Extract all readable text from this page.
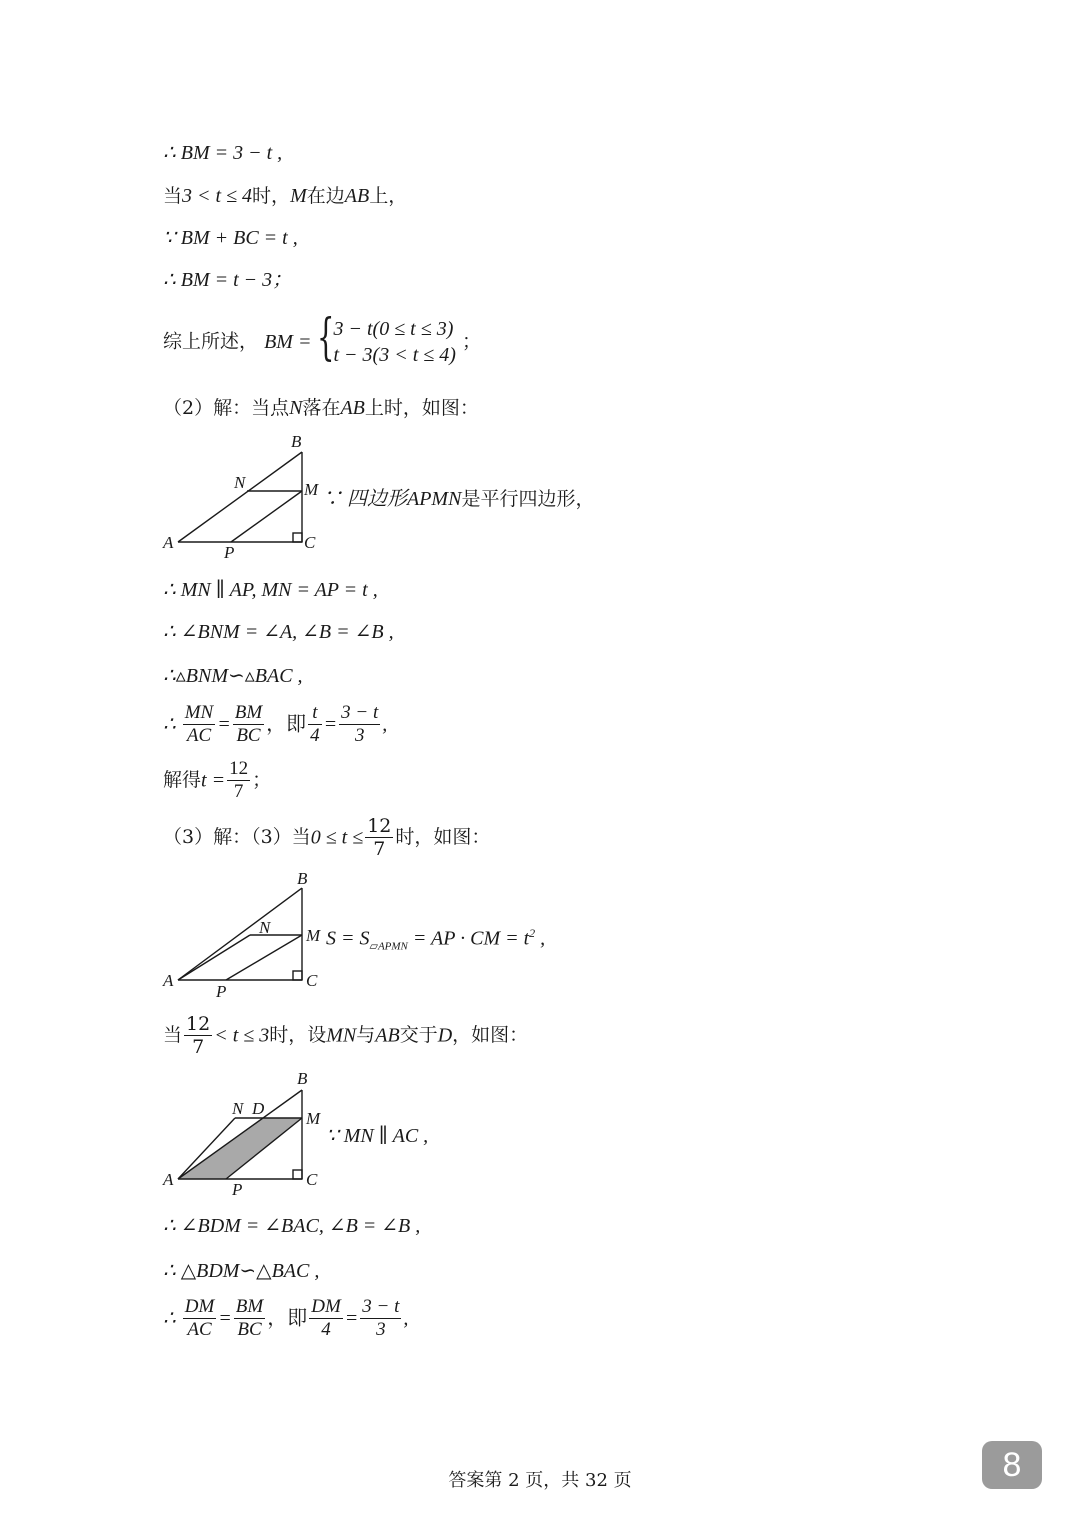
∴ BM = 3 − t ,
当3 < t ≤ 4时，M在边AB上，
∵ BM + BC = t ,
∴ BM = t − 3；
综上所述， BM = {
3 − t(0 ≤ t ≤ 3)
t − 3(3 < t ≤ 4)
；
（2）解：当点N落在AB上时，如图：
B
N	M
A
P
C
∵ 四边形APMN是平行四边形，
∴ MN ∥ AP, MN = AP = t ,
∴ ∠BNM = ∠A, ∠B = ∠B ,
∴▵BNM∽▵BAC ,
∴ $\frac{MN}{AC} = \frac{BM}{BC}$ ，即 $\frac{t}{4} = \frac{3 - t}{3}$ ,
解得$t = \frac{12}{7}$ ；
（3）解：（3）当$0 \le t \le \frac{12}{7}$ 时，如图：
B
N M
A
P
C
$S = S_{▱APMN}$ = AP · CM = $t^2$ ,
当 $\frac{12}{7} < t \le 3$时，设MN与AB交于D，如图：
B
N D
M
A
P
C
∵ MN ∥ AC ,
∴ ∠BDM = ∠BAC, ∠B = ∠B ,
∴ △BDM∽△BAC ,
∴ $\frac{DM}{AC} = \frac{BM}{BC}$ ，即 $\frac{DM}{4} = \frac{3 - t}{3}$ ,
答案第 2 页，共 32 页	8
